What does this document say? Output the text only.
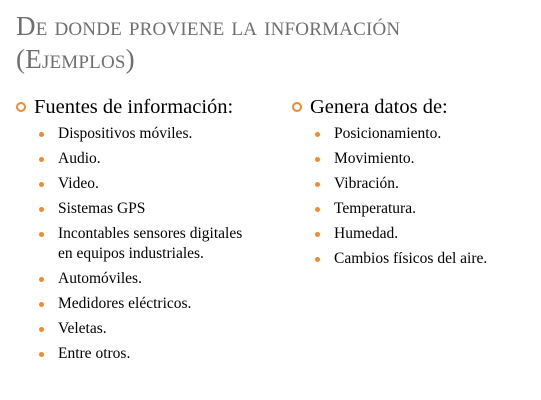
De donde proviene la información
(Ejemplos)
Fuentes de información:
Dispositivos móviles.
Audio.
Video.
Sistemas GPS
Incontables sensores digitales en equipos industriales.
Automóviles.
Medidores eléctricos.
Veletas.
Entre otros.
Genera datos de:
Posicionamiento.
Movimiento.
Vibración.
Temperatura.
Humedad.
Cambios físicos del aire.
